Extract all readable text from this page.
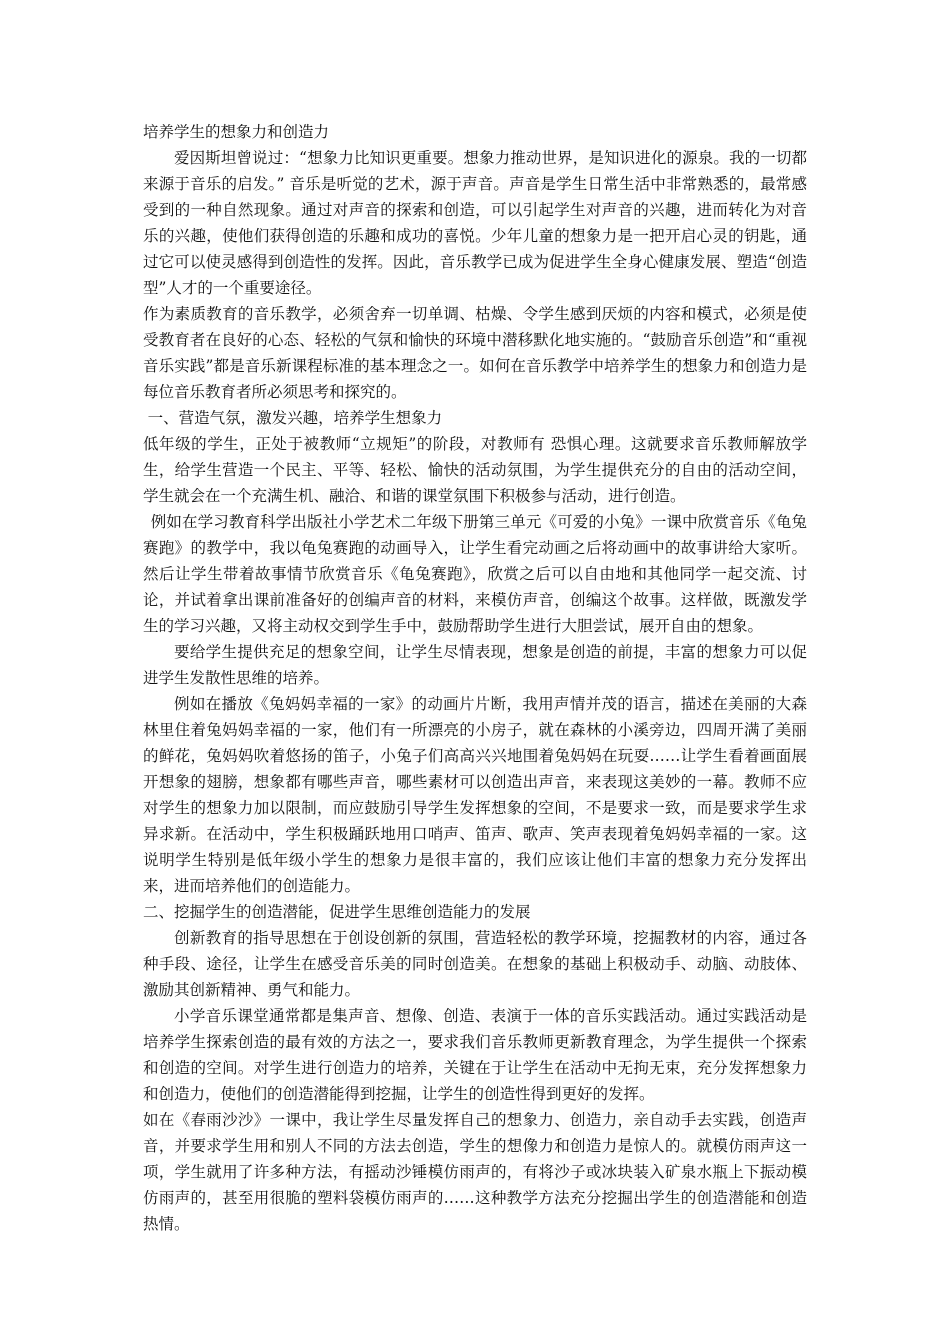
培养学生的想象力和创造力

爱因斯坦曾说过：“想象力比知识更重要。想象力推动世界，是知识进化的源泉。我的一切都来源于音乐的启发。” 音乐是听觉的艺术，源于声音。声音是学生日常生活中非常熟悉的，最常感受到的一种自然现象。通过对声音的探索和创造，可以引起学生对声音的兴趣，进而转化为对音乐的兴趣，使他们获得创造的乐趣和成功的喜悦。少年儿童的想象力是一把开启心灵的钥匙，通过它可以使灵感得到创造性的发挥。因此，音乐教学已成为促进学生全身心健康发展、塑造“创造型”人才的一个重要途径。

作为素质教育的音乐教学，必须舍弃一切单调、枯燥、令学生感到厌烦的内容和模式，必须是使受教育者在良好的心态、轻松的气氛和愉快的环境中潜移默化地实施的。“鼓励音乐创造”和“重视音乐实践”都是音乐新课程标准的基本理念之一。如何在音乐教学中培养学生的想象力和创造力是每位音乐教育者所必须思考和探究的。

一、营造气氛，激发兴趣，培养学生想象力

低年级的学生，正处于被教师“立规矩”的阶段，对教师有 恐惧心理。这就要求音乐教师解放学生，给学生营造一个民主、平等、轻松、愉快的活动氛围，为学生提供充分的自由的活动空间，学生就会在一个充满生机、融洽、和谐的课堂氛围下积极参与活动，进行创造。

例如在学习教育科学出版社小学艺术二年级下册第三单元《可爱的小兔》一课中欣赏音乐《龟兔赛跑》的教学中，我以龟兔赛跑的动画导入，让学生看完动画之后将动画中的故事讲给大家听。然后让学生带着故事情节欣赏音乐《龟兔赛跑》，欣赏之后可以自由地和其他同学一起交流、讨论，并试着拿出课前准备好的创编声音的材料，来模仿声音，创编这个故事。这样做，既激发学生的学习兴趣，又将主动权交到学生手中，鼓励帮助学生进行大胆尝试，展开自由的想象。

要给学生提供充足的想象空间，让学生尽情表现，想象是创造的前提，丰富的想象力可以促进学生发散性思维的培养。

例如在播放《兔妈妈幸福的一家》的动画片片断，我用声情并茂的语言，描述在美丽的大森林里住着兔妈妈幸福的一家，他们有一所漂亮的小房子，就在森林的小溪旁边，四周开满了美丽的鲜花，兔妈妈吹着悠扬的笛子，小兔子们高高兴兴地围着兔妈妈在玩耍……让学生看着画面展开想象的翅膀，想象都有哪些声音，哪些素材可以创造出声音，来表现这美妙的一幕。教师不应对学生的想象力加以限制，而应鼓励引导学生发挥想象的空间，不是要求一致，而是要求学生求异求新。在活动中，学生积极踊跃地用口哨声、笛声、歌声、笑声表现着兔妈妈幸福的一家。这说明学生特别是低年级小学生的想象力是很丰富的，我们应该让他们丰富的想象力充分发挥出来，进而培养他们的创造能力。

二、挖掘学生的创造潜能，促进学生思维创造能力的发展

创新教育的指导思想在于创设创新的氛围，营造轻松的教学环境，挖掘教材的内容，通过各种手段、途径，让学生在感受音乐美的同时创造美。在想象的基础上积极动手、动脑、动肢体、激励其创新精神、勇气和能力。

小学音乐课堂通常都是集声音、想像、创造、表演于一体的音乐实践活动。通过实践活动是培养学生探索创造的最有效的方法之一，要求我们音乐教师更新教育理念，为学生提供一个探索和创造的空间。对学生进行创造力的培养，关键在于让学生在活动中无拘无束，充分发挥想象力和创造力，使他们的创造潜能得到挖掘，让学生的创造性得到更好的发挥。

如在《春雨沙沙》一课中，我让学生尽量发挥自己的想象力、创造力，亲自动手去实践，创造声音，并要求学生用和别人不同的方法去创造，学生的想像力和创造力是惊人的。就模仿雨声这一项，学生就用了许多种方法，有摇动沙锤模仿雨声的，有将沙子或冰块装入矿泉水瓶上下振动模仿雨声的，甚至用很脆的塑料袋模仿雨声的……这种教学方法充分挖掘出学生的创造潜能和创造热情。
